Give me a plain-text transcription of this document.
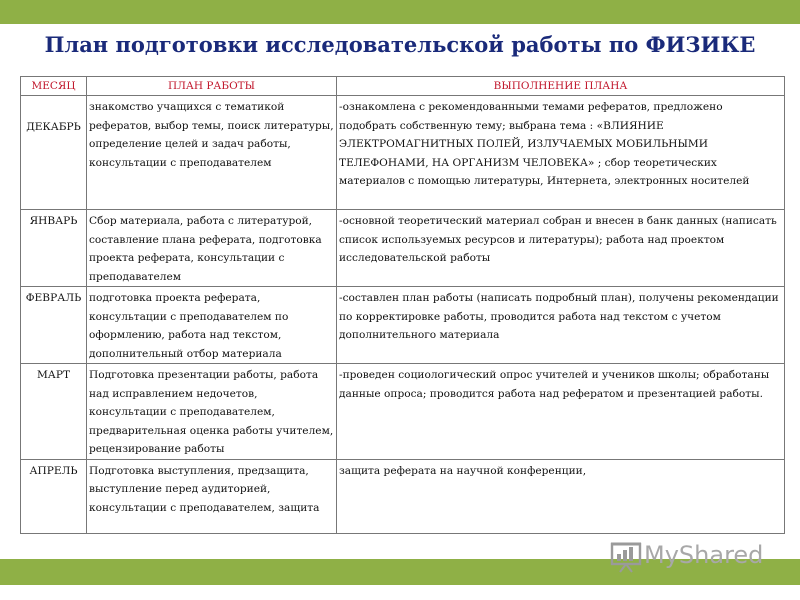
План подготовки исследовательской работы по ФИЗИКЕ
МЕСЯЦ	ПЛАН РАБОТЫ	ВЫПОЛНЕНИЕ ПЛАНА
ДЕКАБРЬ	знакомство учащихся с тематикой рефератов, выбор темы, поиск литературы, определение целей и задач работы, консультации с преподавателем	-ознакомлена с рекомендованными темами рефератов, предложено подобрать собственную тему; выбрана тема : «ВЛИЯНИЕ ЭЛЕКТРОМАГНИТНЫХ ПОЛЕЙ, ИЗЛУЧАЕМЫХ МОБИЛЬНЫМИ ТЕЛЕФОНАМИ, НА ОРГАНИЗМ ЧЕЛОВЕКА» ; сбор теоретических материалов с помощью литературы, Интернета, электронных носителей
ЯНВАРЬ	Сбор материала, работа с литературой, составление плана реферата, подготовка проекта реферата, консультации с преподавателем	-основной теоретический материал собран и внесен в банк данных (написать список используемых ресурсов и литературы); работа над проектом исследовательской работы
ФЕВРАЛЬ	подготовка проекта реферата, консультации с преподавателем по оформлению, работа над текстом, дополнительный отбор материала	-составлен план работы (написать подробный план), получены рекомендации по корректировке работы, проводится работа над текстом с учетом дополнительного материала
МАРТ	Подготовка презентации работы, работа над исправлением недочетов, консультации с преподавателем, предварительная оценка работы учителем, рецензирование работы	-проведен социологический опрос учителей и учеников школы; обработаны данные опроса; проводится работа над рефератом и презентацией работы.
АПРЕЛЬ	Подготовка выступления, предзащита, выступление перед аудиторией, консультации с преподавателем, защита	защита реферата на научной конференции,
MyShared
